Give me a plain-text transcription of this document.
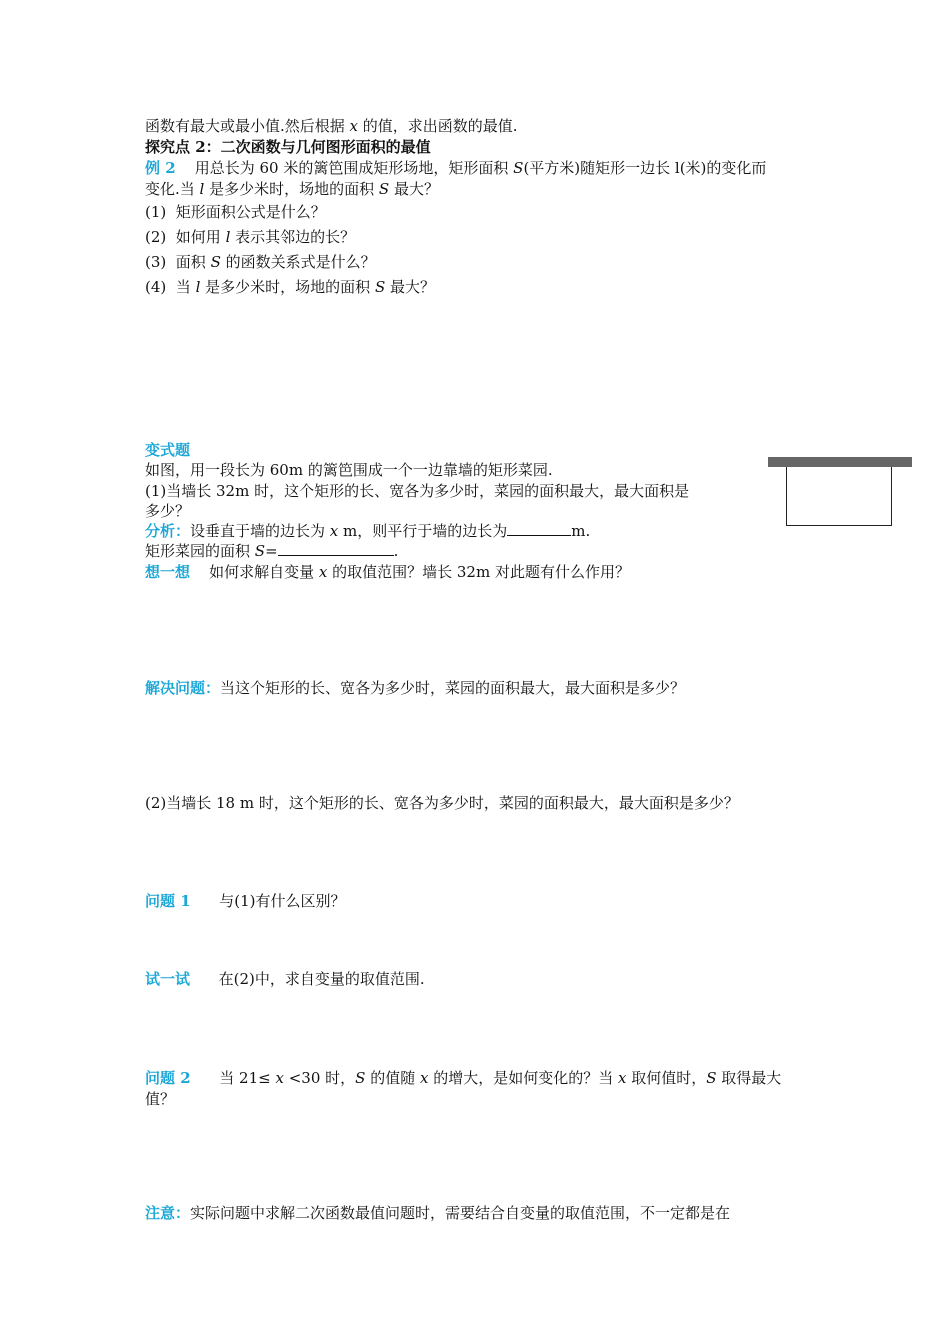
函数有最大或最小值.然后根据 x 的值，求出函数的最值.
探究点 2：二次函数与几何图形面积的最值
例 2 用总长为 60 米的篱笆围成矩形场地，矩形面积 S(平方米)随矩形一边长 l(米)的变化而
变化.当 l 是多少米时，场地的面积 S 最大？
(1) 矩形面积公式是什么？
(2) 如何用 l 表示其邻边的长？
(3) 面积 S 的函数关系式是什么？
(4) 当 l 是多少米时，场地的面积 S 最大？
变式题
如图，用一段长为 60m 的篱笆围成一个一边靠墙的矩形菜园.
(1)当墙长 32m 时，这个矩形的长、宽各为多少时，菜园的面积最大，最大面积是
多少？
分析：设垂直于墙的边长为 x m，则平行于墙的边长为	m.
矩形菜园的面积 S=	.
想一想 如何求解自变量 x 的取值范围？墙长 32m 对此题有什么作用？
解决问题：当这个矩形的长、宽各为多少时，菜园的面积最大，最大面积是多少？
(2)当墙长 18 m 时，这个矩形的长、宽各为多少时，菜园的面积最大，最大面积是多少？
问题 1 与(1)有什么区别？
试一试 在(2)中，求自变量的取值范围.
问题 2 当 21≤ x <30 时，S 的值随 x 的增大，是如何变化的？当 x 取何值时，S 取得最大
值？
注意：实际问题中求解二次函数最值问题时，需要结合自变量的取值范围，不一定都是在
